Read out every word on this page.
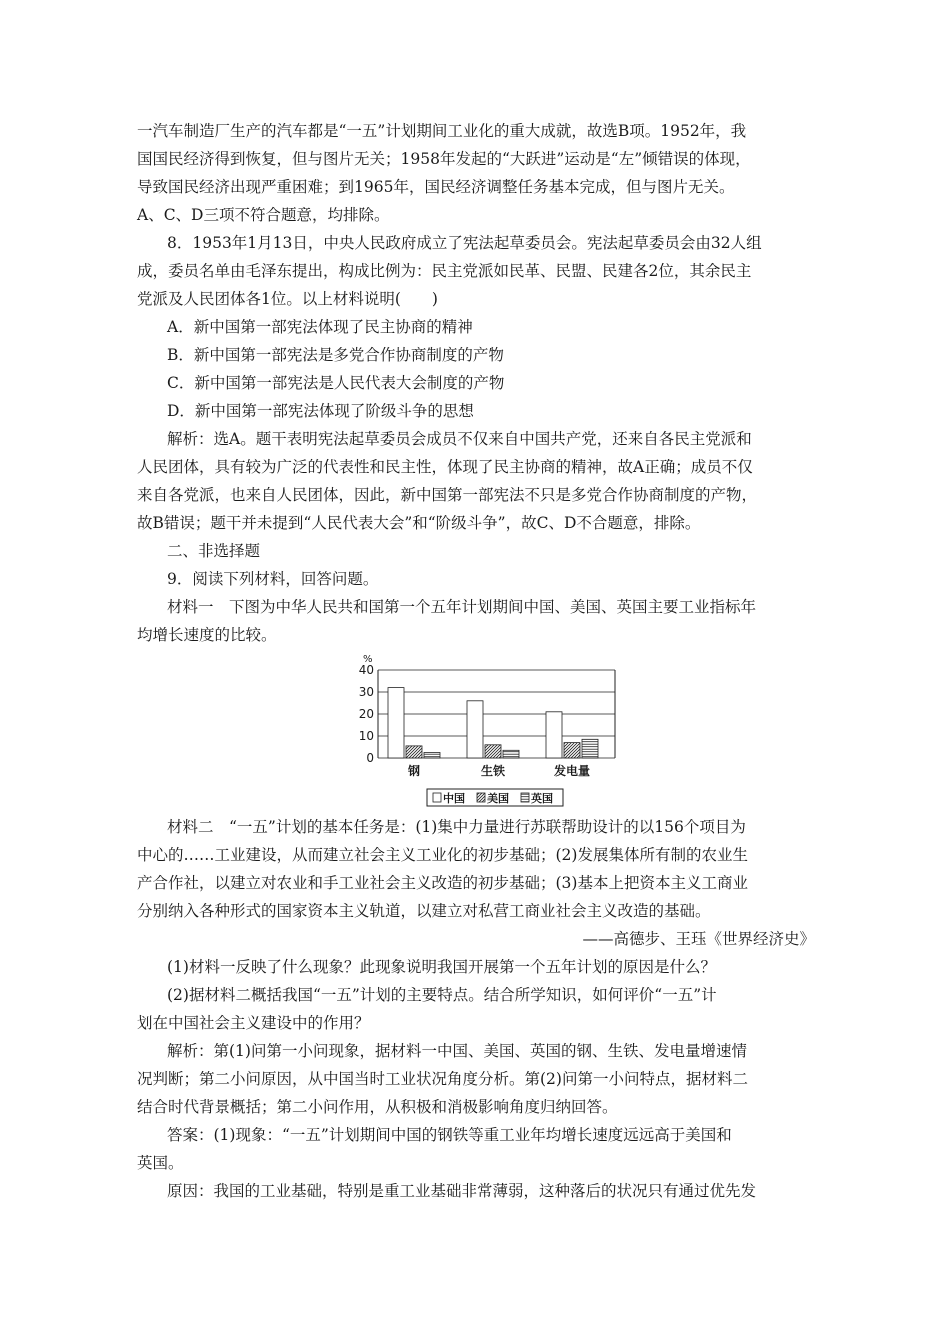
一汽车制造厂生产的汽车都是“一五”计划期间工业化的重大成就，故选B项。1952年，我
国国民经济得到恢复，但与图片无关；1958年发起的“大跃进”运动是“左”倾错误的体现，
导致国民经济出现严重困难；到1965年，国民经济调整任务基本完成，但与图片无关。
A、C、D三项不符合题意，均排除。
8．1953年1月13日，中央人民政府成立了宪法起草委员会。宪法起草委员会由32人组
成，委员名单由毛泽东提出，构成比例为：民主党派如民革、民盟、民建各2位，其余民主
党派及人民团体各1位。以上材料说明(　　)
A．新中国第一部宪法体现了民主协商的精神
B．新中国第一部宪法是多党合作协商制度的产物
C．新中国第一部宪法是人民代表大会制度的产物
D．新中国第一部宪法体现了阶级斗争的思想
解析：选A。题干表明宪法起草委员会成员不仅来自中国共产党，还来自各民主党派和
人民团体，具有较为广泛的代表性和民主性，体现了民主协商的精神，故A正确；成员不仅
来自各党派，也来自人民团体，因此，新中国第一部宪法不只是多党合作协商制度的产物，
故B错误；题干并未提到“人民代表大会”和“阶级斗争”，故C、D不合题意，排除。
二、非选择题
9．阅读下列材料，回答问题。
材料一　下图为中华人民共和国第一个五年计划期间中国、美国、英国主要工业指标年
均增长速度的比较。
%
0
10
20
30
40
钢	生铁	发电量
中国 美国 英国
材料二　“一五”计划的基本任务是：(1)集中力量进行苏联帮助设计的以156个项目为
中心的……工业建设，从而建立社会主义工业化的初步基础；(2)发展集体所有制的农业生
产合作社，以建立对农业和手工业社会主义改造的初步基础；(3)基本上把资本主义工商业
分别纳入各种形式的国家资本主义轨道，以建立对私营工商业社会主义改造的基础。
——高德步、王珏《世界经济史》
(1)材料一反映了什么现象？此现象说明我国开展第一个五年计划的原因是什么？
(2)据材料二概括我国“一五”计划的主要特点。结合所学知识，如何评价“一五”计
划在中国社会主义建设中的作用？
解析：第(1)问第一小问现象，据材料一中国、美国、英国的钢、生铁、发电量增速情
况判断；第二小问原因，从中国当时工业状况角度分析。第(2)问第一小问特点，据材料二
结合时代背景概括；第二小问作用，从积极和消极影响角度归纳回答。
答案：(1)现象：“一五”计划期间中国的钢铁等重工业年均增长速度远远高于美国和
英国。
原因：我国的工业基础，特别是重工业基础非常薄弱，这种落后的状况只有通过优先发
